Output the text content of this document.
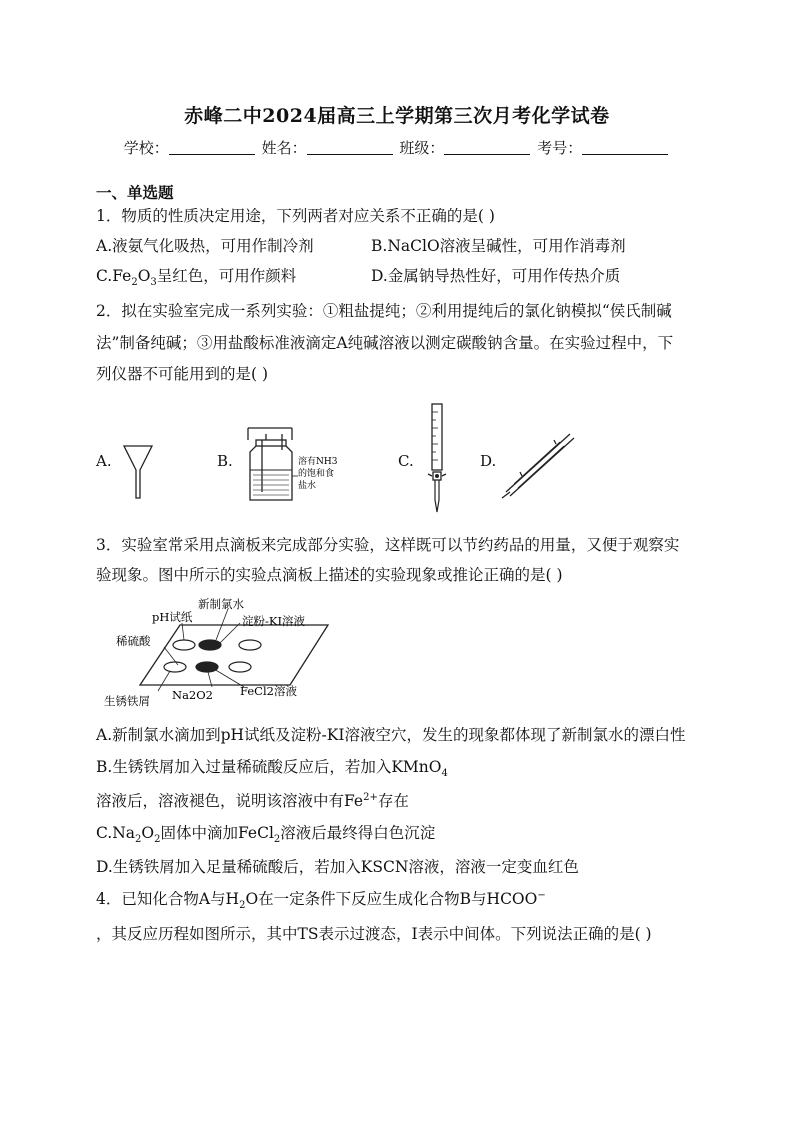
赤峰二中2024届高三上学期第三次月考化学试卷
学校：	姓名：	班级：	考号：
一、单选题
1．物质的性质决定用途，下列两者对应关系不正确的是( )
A.液氨气化吸热，可用作制冷剂	B.NaClO溶液呈碱性，可用作消毒剂
$C.Fe_2O_3$呈红色，可用作颜料	D.金属钠导热性好，可用作传热介质
2．拟在实验室完成一系列实验：①粗盐提纯；②利用提纯后的氯化钠模拟“侯氏制碱
法”制备纯碱；③用盐酸标准液滴定A纯碱溶液以测定碳酸钠含量。在实验过程中，下
列仪器不可能用到的是( )
A.	B.	溶有NH3
的饱和食
盐水
C.	D.
3．实验室常采用点滴板来完成部分实验，这样既可以节约药品的用量，又便于观察实
验现象。图中所示的实验点滴板上描述的实验现象或推论正确的是( )
pH试纸
新制氯水
淀粉-KI溶液
稀硫酸
生锈铁屑 Na2O2 FeCl2溶液
A.新制氯水滴加到pH试纸及淀粉-KI溶液空穴，发生的现象都体现了新制氯水的漂白性
B.生锈铁屑加入过量稀硫酸反应后，若加入KMnO$_4$
溶液后，溶液褪色，说明该溶液中有$Fe^{2+}$存在
$C.Na_2O_2$固体中滴加FeCl$_2$溶液后最终得白色沉淀
D.生锈铁屑加入足量稀硫酸后，若加入KSCN溶液，溶液一定变血红色
4．已知化合物A与$H_2O$在一定条件下反应生成化合物B与HCOO−
，其反应历程如图所示，其中TS表示过渡态，I表示中间体。下列说法正确的是( )
